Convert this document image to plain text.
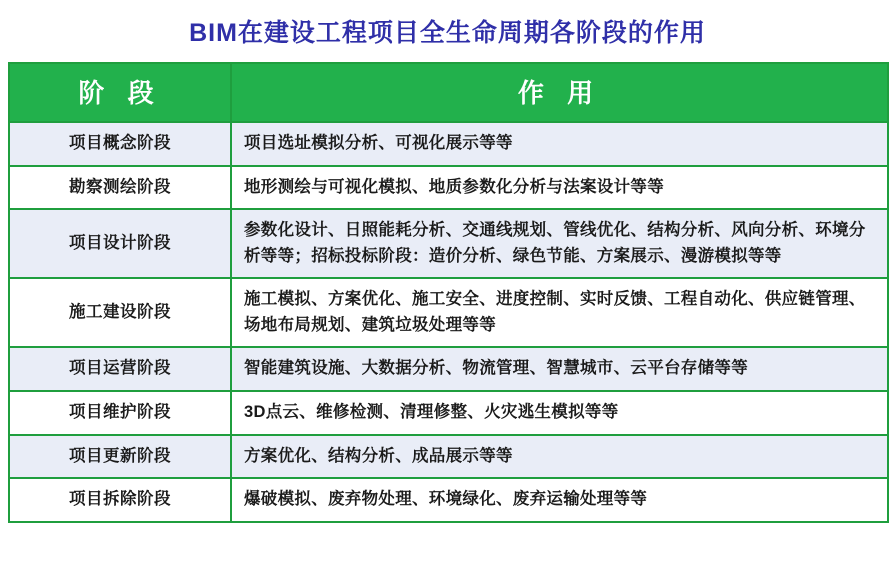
BIM在建设工程项目全生命周期各阶段的作用
阶 段	作 用
项目概念阶段	项目选址模拟分析、可视化展示等等
勘察测绘阶段	地形测绘与可视化模拟、地质参数化分析与法案设计等等
项目设计阶段	参数化设计、日照能耗分析、交通线规划、管线优化、结构分析、风向分析、环境分析等等；招标投标阶段：造价分析、绿色节能、方案展示、漫游模拟等等
施工建设阶段	施工模拟、方案优化、施工安全、进度控制、实时反馈、工程自动化、供应链管理、场地布局规划、建筑垃圾处理等等
项目运营阶段	智能建筑设施、大数据分析、物流管理、智慧城市、云平台存储等等
项目维护阶段	3D点云、维修检测、清理修整、火灾逃生模拟等等
项目更新阶段	方案优化、结构分析、成品展示等等
项目拆除阶段	爆破模拟、废弃物处理、环境绿化、废弃运输处理等等
